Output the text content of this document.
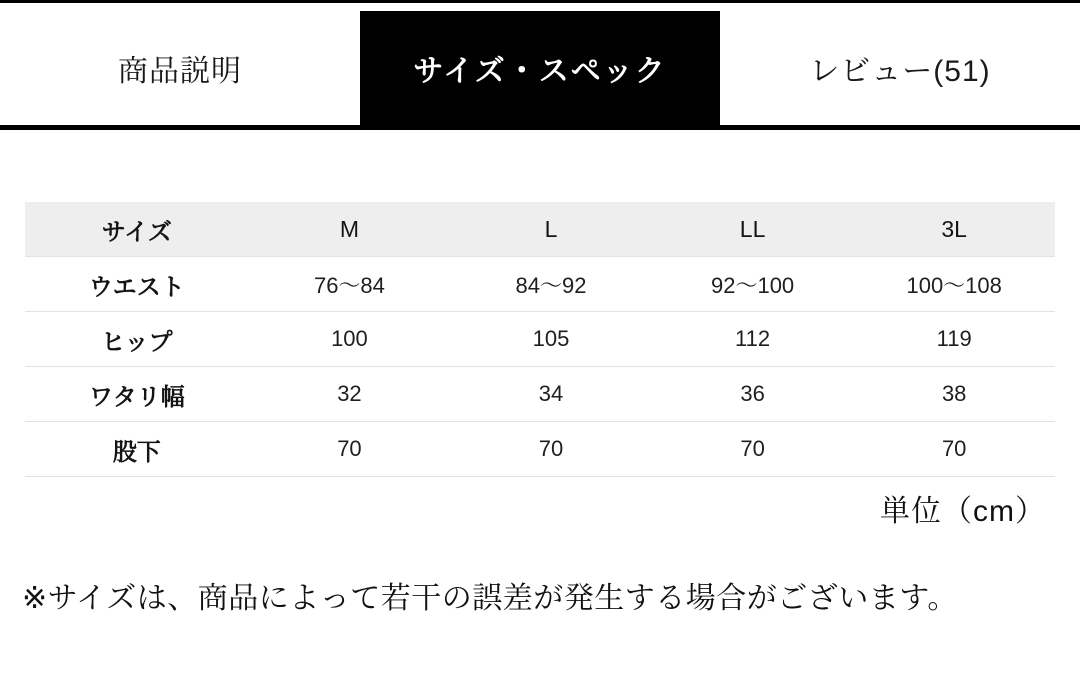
商品説明	サイズ・スペック	レビュー(51)
サイズ	M	L	LL	3L
ウエスト	76〜84	84〜92	92〜100	100〜108
ヒップ	100	105	112	119
ワタリ幅	32	34	36	38
股下	70	70	70	70
単位（cm）
※サイズは、商品によって若干の誤差が発生する場合がございます。
